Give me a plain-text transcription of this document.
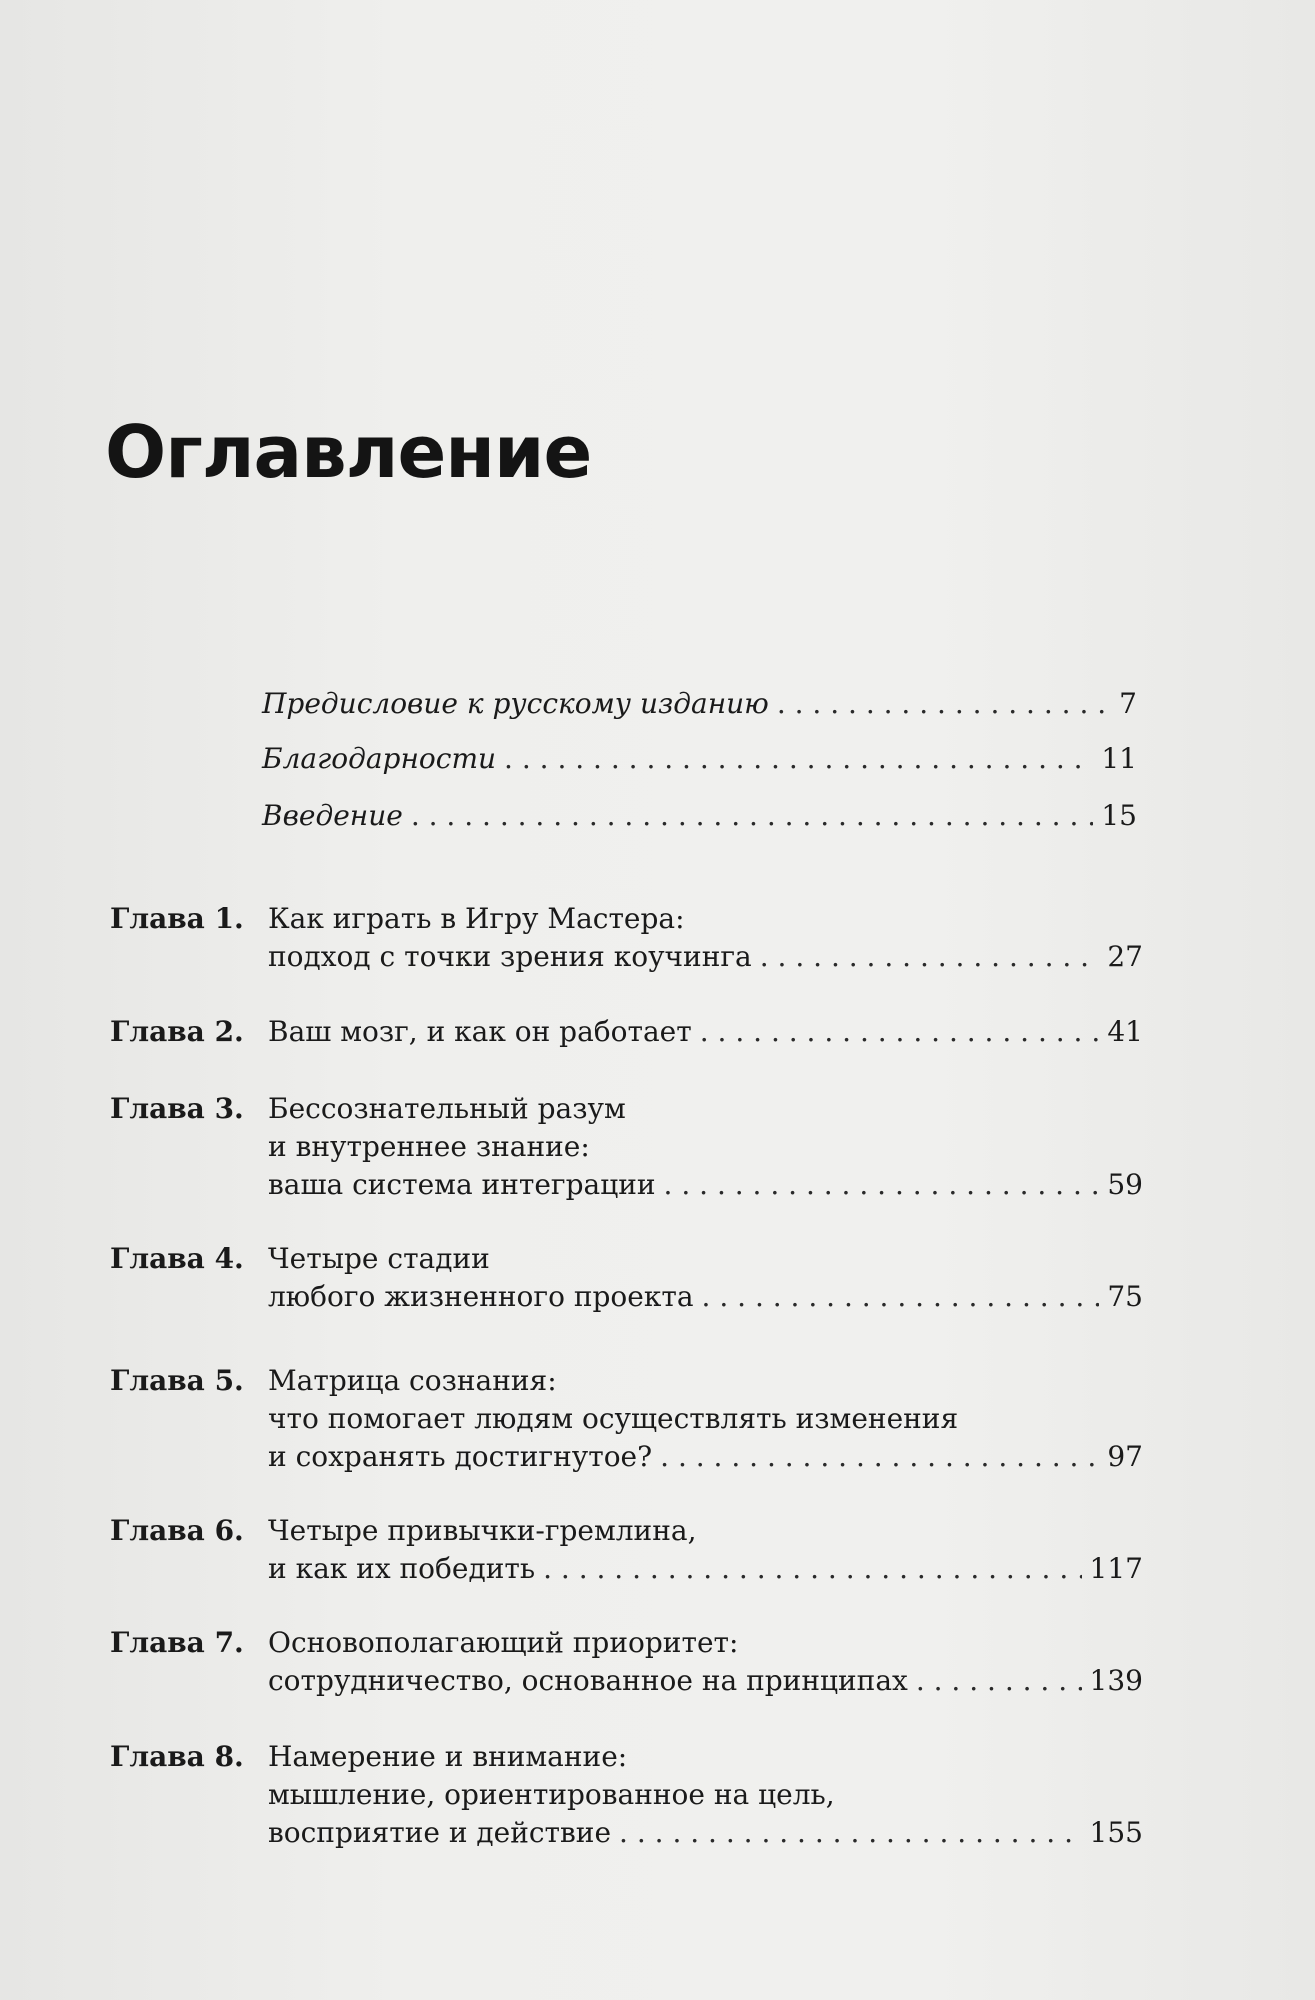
Оглавление
Предисловие к русскому изданию . . .	7
Благодарности . . .	11
Введение . . .	15
Глава 1. Как играть в Игру Мастера:
подход с точки зрения коучинга . . .	27
Глава 2. Ваш мозг, и как он работает . . .	41
Глава 3. Бессознательный разум
и внутреннее знание:
ваша система интеграции . . .	59
Глава 4. Четыре стадии
любого жизненного проекта . . .	75
Глава 5. Матрица сознания:
что помогает людям осуществлять изменения
и сохранять достигнутое? . . .	97
Глава 6. Четыре привычки-гремлина,
и как их победить . . .	117
Глава 7. Основополагающий приоритет:
сотрудничество, основанное на принципах . . .	139
Глава 8. Намерение и внимание:
мышление, ориентированное на цель,
восприятие и действие . . .	155
